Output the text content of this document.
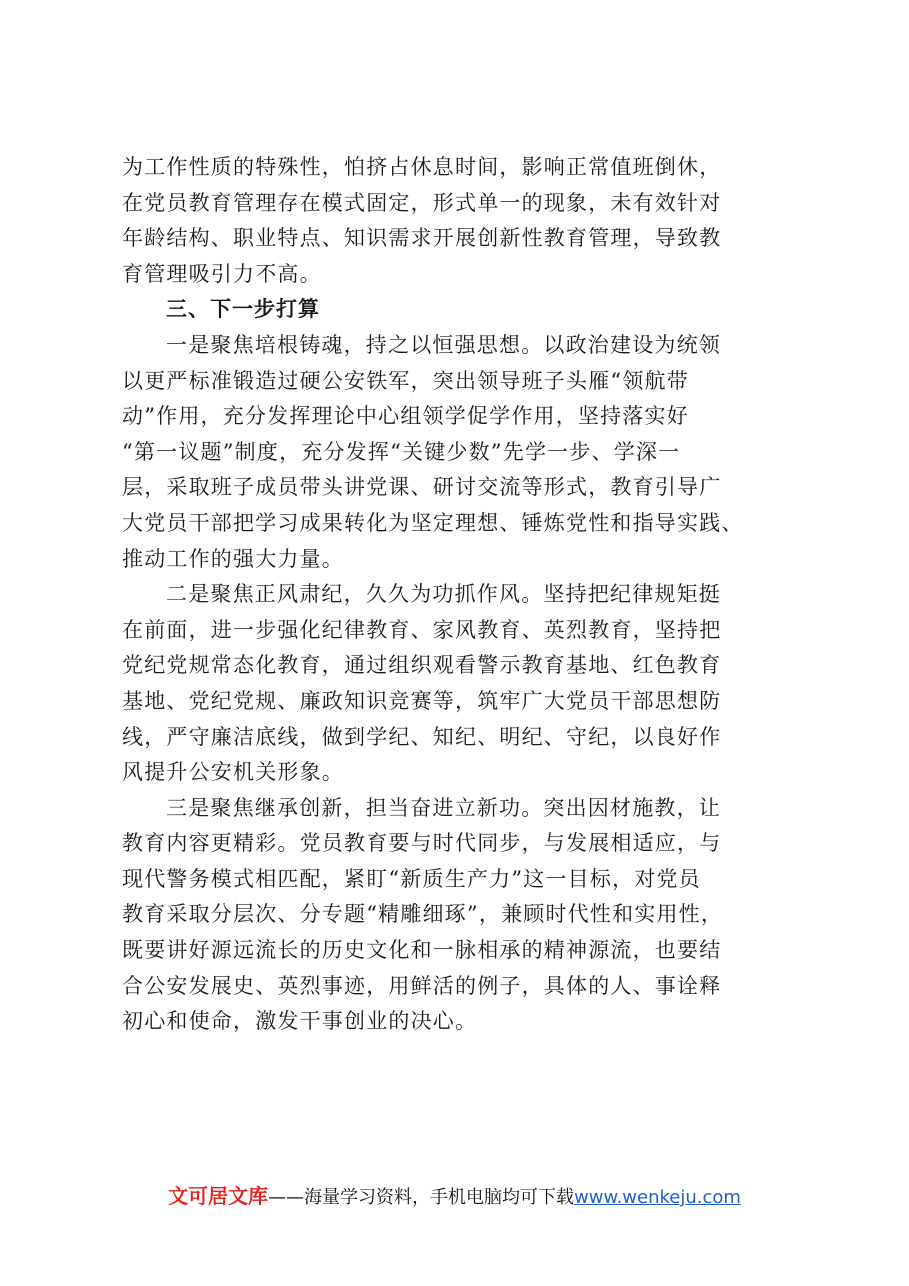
为工作性质的特殊性，怕挤占休息时间，影响正常值班倒休，
在党员教育管理存在模式固定，形式单一的现象，未有效针对
年龄结构、职业特点、知识需求开展创新性教育管理，导致教
育管理吸引力不高。
三、下一步打算
一是聚焦培根铸魂，持之以恒强思想。以政治建设为统领
以更严标准锻造过硬公安铁军，突出领导班子头雁“领航带
动”作用，充分发挥理论中心组领学促学作用，坚持落实好
“第一议题”制度，充分发挥“关键少数”先学一步、学深一
层，采取班子成员带头讲党课、研讨交流等形式，教育引导广
大党员干部把学习成果转化为坚定理想、锤炼党性和指导实践、
推动工作的强大力量。
二是聚焦正风肃纪，久久为功抓作风。坚持把纪律规矩挺
在前面，进一步强化纪律教育、家风教育、英烈教育，坚持把
党纪党规常态化教育，通过组织观看警示教育基地、红色教育
基地、党纪党规、廉政知识竞赛等，筑牢广大党员干部思想防
线，严守廉洁底线，做到学纪、知纪、明纪、守纪，以良好作
风提升公安机关形象。
三是聚焦继承创新，担当奋进立新功。突出因材施教，让
教育内容更精彩。党员教育要与时代同步，与发展相适应，与
现代警务模式相匹配，紧盯“新质生产力”这一目标，对党员
教育采取分层次、分专题“精雕细琢”，兼顾时代性和实用性，
既要讲好源远流长的历史文化和一脉相承的精神源流，也要结
合公安发展史、英烈事迹，用鲜活的例子，具体的人、事诠释
初心和使命，激发干事创业的决心。
文可居文库——海量学习资料，手机电脑均可下载www.wenkeju.com
